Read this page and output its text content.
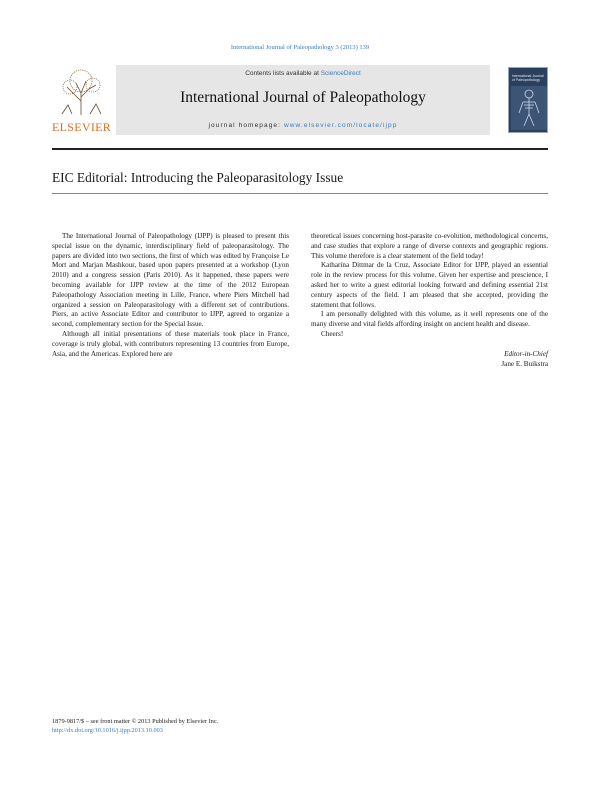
International Journal of Paleopathology 3 (2013) 139
ELSEVIER
Contents lists available at ScienceDirect
International Journal of Paleopathology
journal homepage: www.elsevier.com/locate/ijpp
International Journal of Paleopathology
EIC Editorial: Introducing the Paleoparasitology Issue

The International Journal of Paleopathology (IJPP) is pleased to present this special issue on the dynamic, interdisciplinary field of paleoparasitology. The papers are divided into two sections, the first of which was edited by Françoise Le Mort and Marjan Mashkour, based upon papers presented at a workshop (Lyon 2010) and a congress session (Paris 2010). As it happened, these papers were becoming available for IJPP review at the time of the 2012 European Paleopathology Association meeting in Lille, France, where Piers Mitchell had organized a session on Paleoparasitology with a different set of contributions. Piers, an active Associate Editor and contributor to IJPP, agreed to organize a second, complementary section for the Special Issue.

Although all initial presentations of these materials took place in France, coverage is truly global, with contributors representing 13 countries from Europe, Asia, and the Americas. Explored here are

theoretical issues concerning host-parasite co-evolution, methodological concerns, and case studies that explore a range of diverse contexts and geographic regions. This volume therefore is a clear statement of the field today!

Katharina Dittmar de la Cruz, Associate Editor for IJPP, played an essential role in the review process for this volume. Given her expertise and prescience, I asked her to write a guest editorial looking forward and defining essential 21st century aspects of the field. I am pleased that she accepted, providing the statement that follows.

I am personally delighted with this volume, as it well represents one of the many diverse and vital fields affording insight on ancient health and disease.

Cheers!

Editor-in-Chief
Jane E. Buikstra
1879-9817/$ – see front matter © 2013 Published by Elsevier Inc.
http://dx.doi.org/10.1016/j.ijpp.2013.10.003
